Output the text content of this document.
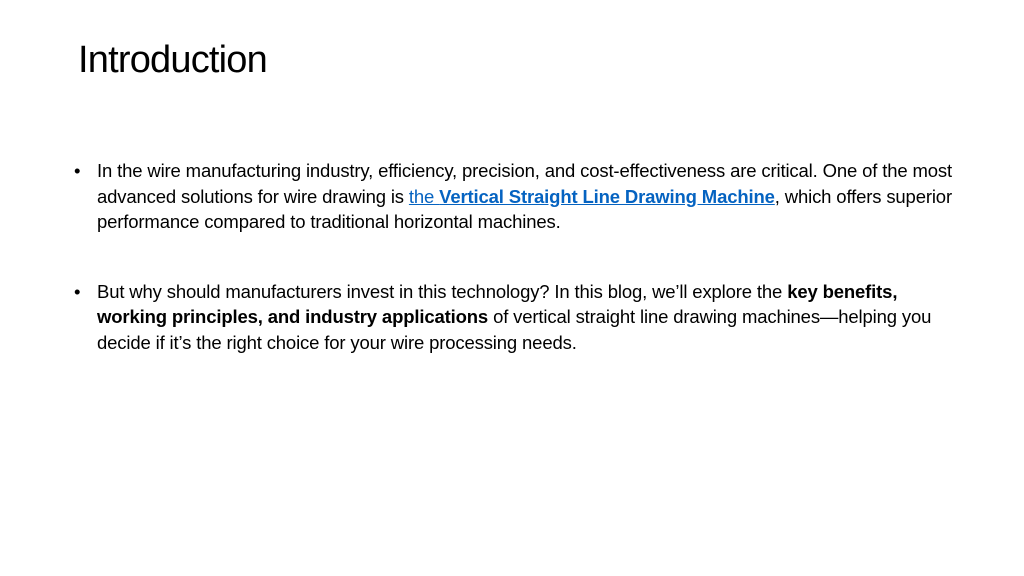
Introduction
• In the wire manufacturing industry, efficiency, precision, and cost-effectiveness are critical. One of the most advanced solutions for wire drawing is the Vertical Straight Line Drawing Machine, which offers superior performance compared to traditional horizontal machines.
• But why should manufacturers invest in this technology? In this blog, we’ll explore the key benefits, working principles, and industry applications of vertical straight line drawing machines—helping you decide if it’s the right choice for your wire processing needs.
